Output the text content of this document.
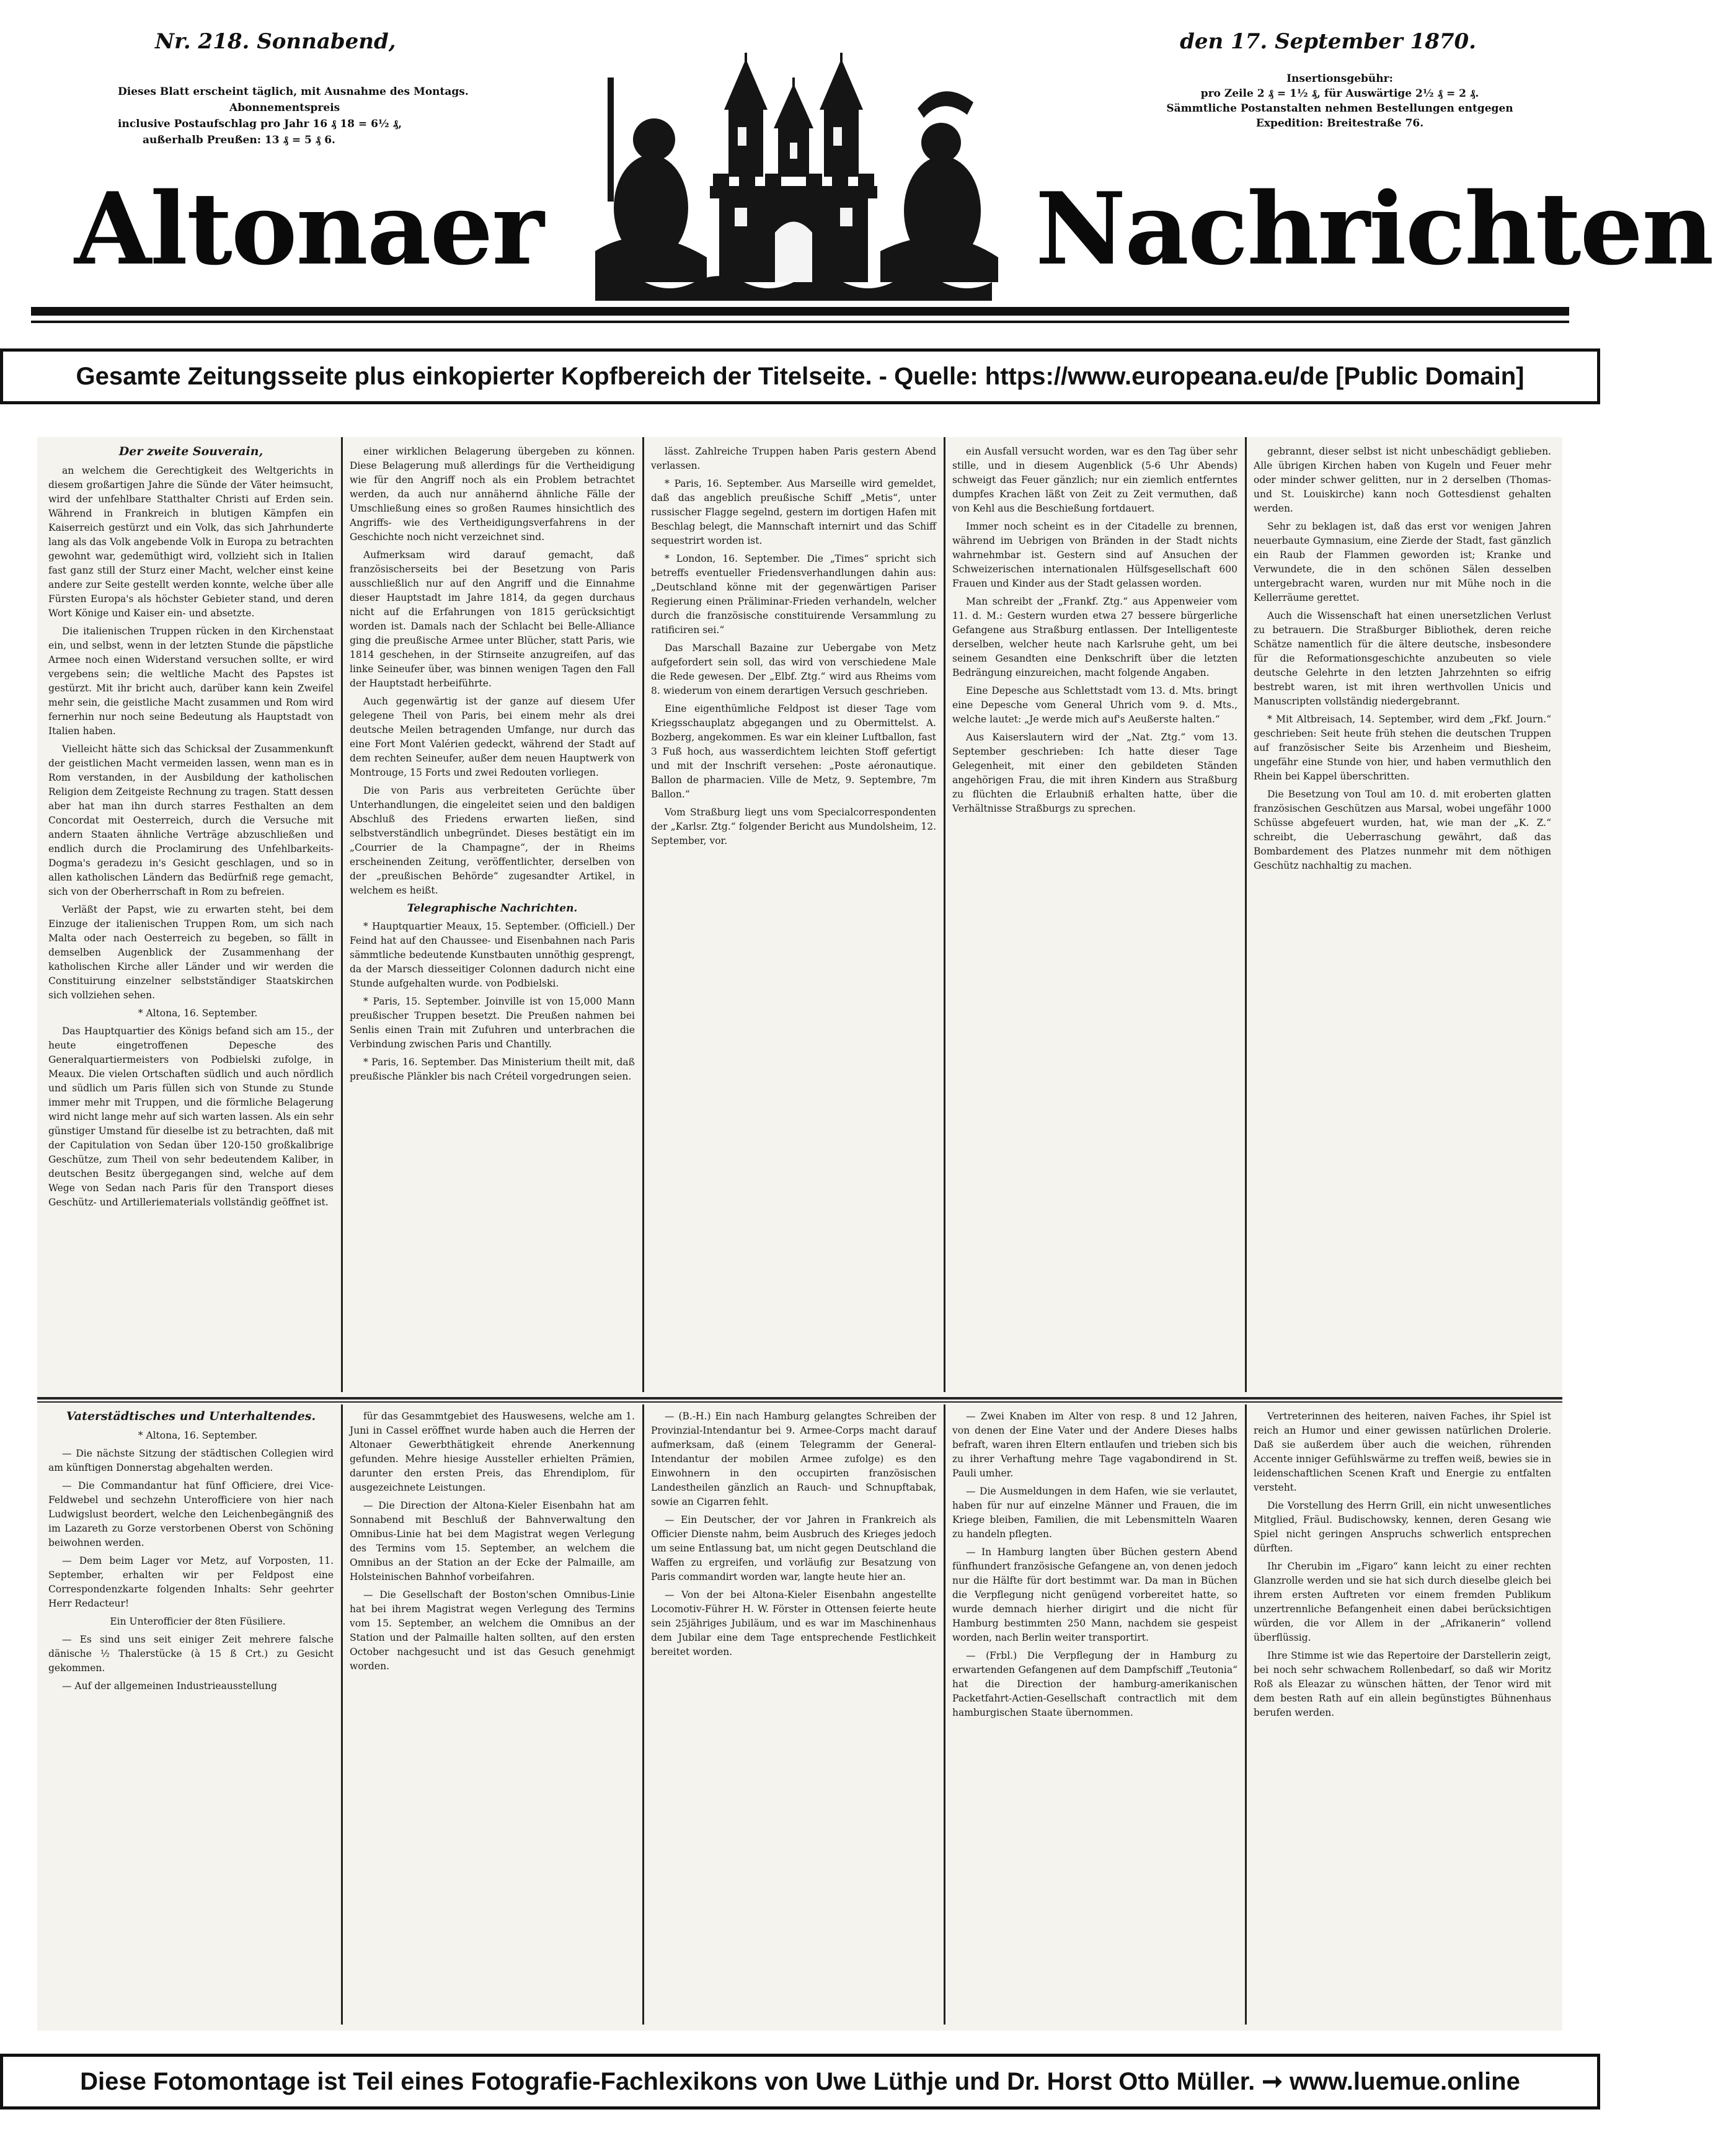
Nr. 218. Sonnabend,	den 17. September 1870.
Dieses Blatt erscheint täglich, mit Ausnahme des Montags.
Abonnementspreis
inclusive Postaufschlag pro Jahr 16 ₰ 18 = 6½ ₰,
außerhalb Preußen: 13 ₰ = 5 ₰ 6.
Insertionsgebühr:
pro Zeile 2 ₰ = 1½ ₰, für Auswärtige 2½ ₰ = 2 ₰.
Sämmtliche Postanstalten nehmen Bestellungen entgegen
Expedition: Breitestraße 76.
Altonaer	Nachrichten
Gesamte Zeitungsseite plus einkopierter Kopfbereich der Titelseite. - Quelle: https://www.europeana.eu/de [Public Domain]
Der zweite Souverain,

an welchem die Gerechtigkeit des Weltgerichts in diesem großartigen Jahre die Sünde der Väter heimsucht, wird der unfehlbare Statthalter Christi auf Erden sein. Während in Frankreich in blutigen Kämpfen ein Kaiserreich gestürzt und ein Volk, das sich Jahrhunderte lang als das Volk angebende Volk in Europa zu betrachten gewohnt war, gedemüthigt wird, vollzieht sich in Italien fast ganz still der Sturz einer Macht, welcher einst keine andere zur Seite gestellt werden konnte, welche über alle Fürsten Europa's als höchster Gebieter stand, und deren Wort Könige und Kaiser ein- und absetzte.

Die italienischen Truppen rücken in den Kirchenstaat ein, und selbst, wenn in der letzten Stunde die päpstliche Armee noch einen Widerstand versuchen sollte, er wird vergebens sein; die weltliche Macht des Papstes ist gestürzt. Mit ihr bricht auch, darüber kann kein Zweifel mehr sein, die geistliche Macht zusammen und Rom wird fernerhin nur noch seine Bedeutung als Hauptstadt von Italien haben.

Vielleicht hätte sich das Schicksal der Zusammenkunft der geistlichen Macht vermeiden lassen, wenn man es in Rom verstanden, in der Ausbildung der katholischen Religion dem Zeitgeiste Rechnung zu tragen. Statt dessen aber hat man ihn durch starres Festhalten an dem Concordat mit Oesterreich, durch die Versuche mit andern Staaten ähnliche Verträge abzuschließen und endlich durch die Proclamirung des Unfehlbarkeits-Dogma's geradezu in's Gesicht geschlagen, und so in allen katholischen Ländern das Bedürfniß rege gemacht, sich von der Oberherrschaft in Rom zu befreien.

Verläßt der Papst, wie zu erwarten steht, bei dem Einzuge der italienischen Truppen Rom, um sich nach Malta oder nach Oesterreich zu begeben, so fällt in demselben Augenblick der Zusammenhang der katholischen Kirche aller Länder und wir werden die Constituirung einzelner selbstständiger Staatskirchen sich vollziehen sehen.

* Altona, 16. September.

Das Hauptquartier des Königs befand sich am 15., der heute eingetroffenen Depesche des Generalquartiermeisters von Podbielski zufolge, in Meaux. Die vielen Ortschaften südlich und auch nördlich und südlich um Paris füllen sich von Stunde zu Stunde immer mehr mit Truppen, und die förmliche Belagerung wird nicht lange mehr auf sich warten lassen. Als ein sehr günstiger Umstand für dieselbe ist zu betrachten, daß mit der Capitulation von Sedan über 120-150 großkalibrige Geschütze, zum Theil von sehr bedeutendem Kaliber, in deutschen Besitz übergegangen sind, welche auf dem Wege von Sedan nach Paris für den Transport dieses Geschütz- und Artilleriematerials vollständig geöffnet ist.

einer wirklichen Belagerung übergeben zu können. Diese Belagerung muß allerdings für die Vertheidigung wie für den Angriff noch als ein Problem betrachtet werden, da auch nur annähernd ähnliche Fälle der Umschließung eines so großen Raumes hinsichtlich des Angriffs- wie des Vertheidigungsverfahrens in der Geschichte noch nicht verzeichnet sind.

Aufmerksam wird darauf gemacht, daß französischerseits bei der Besetzung von Paris ausschließlich nur auf den Angriff und die Einnahme dieser Hauptstadt im Jahre 1814, da gegen durchaus nicht auf die Erfahrungen von 1815 gerücksichtigt worden ist. Damals nach der Schlacht bei Belle-Alliance ging die preußische Armee unter Blücher, statt Paris, wie 1814 geschehen, in der Stirnseite anzugreifen, auf das linke Seineufer über, was binnen wenigen Tagen den Fall der Hauptstadt herbeiführte.

Auch gegenwärtig ist der ganze auf diesem Ufer gelegene Theil von Paris, bei einem mehr als drei deutsche Meilen betragenden Umfange, nur durch das eine Fort Mont Valérien gedeckt, während der Stadt auf dem rechten Seineufer, außer dem neuen Hauptwerk von Montrouge, 15 Forts und zwei Redouten vorliegen.

Die von Paris aus verbreiteten Gerüchte über Unterhandlungen, die eingeleitet seien und den baldigen Abschluß des Friedens erwarten ließen, sind selbstverständlich unbegründet. Dieses bestätigt ein im „Courrier de la Champagne“, der in Rheims erscheinenden Zeitung, veröffentlichter, derselben von der „preußischen Behörde“ zugesandter Artikel, in welchem es heißt.

Telegraphische Nachrichten.

* Hauptquartier Meaux, 15. September. (Officiell.) Der Feind hat auf den Chaussee- und Eisenbahnen nach Paris sämmtliche bedeutende Kunstbauten unnöthig gesprengt, da der Marsch diesseitiger Colonnen dadurch nicht eine Stunde aufgehalten wurde. von Podbielski.

* Paris, 15. September. Joinville ist von 15,000 Mann preußischer Truppen besetzt. Die Preußen nahmen bei Senlis einen Train mit Zufuhren und unterbrachen die Verbindung zwischen Paris und Chantilly.

* Paris, 16. September. Das Ministerium theilt mit, daß preußische Plänkler bis nach Créteil vorgedrungen seien.

lässt. Zahlreiche Truppen haben Paris gestern Abend verlassen.

* Paris, 16. September. Aus Marseille wird gemeldet, daß das angeblich preußische Schiff „Metis“, unter russischer Flagge segelnd, gestern im dortigen Hafen mit Beschlag belegt, die Mannschaft internirt und das Schiff sequestrirt worden ist.

* London, 16. September. Die „Times“ spricht sich betreffs eventueller Friedensverhandlungen dahin aus: „Deutschland könne mit der gegenwärtigen Pariser Regierung einen Präliminar-Frieden verhandeln, welcher durch die französische constituirende Versammlung zu ratificiren sei.“

Das Marschall Bazaine zur Uebergabe von Metz aufgefordert sein soll, das wird von verschiedene Male die Rede gewesen. Der „Elbf. Ztg.“ wird aus Rheims vom 8. wiederum von einem derartigen Versuch geschrieben.

Eine eigenthümliche Feldpost ist dieser Tage vom Kriegsschauplatz abgegangen und zu Obermittelst. A. Bozberg, angekommen. Es war ein kleiner Luftballon, fast 3 Fuß hoch, aus wasserdichtem leichten Stoff gefertigt und mit der Inschrift versehen: „Poste aéronautique. Ballon de pharmacien. Ville de Metz, 9. Septembre, 7m Ballon.“

Vom Straßburg liegt uns vom Specialcorrespondenten der „Karlsr. Ztg.“ folgender Bericht aus Mundolsheim, 12. September, vor.

ein Ausfall versucht worden, war es den Tag über sehr stille, und in diesem Augenblick (5-6 Uhr Abends) schweigt das Feuer gänzlich; nur ein ziemlich entferntes dumpfes Krachen läßt von Zeit zu Zeit vermuthen, daß von Kehl aus die Beschießung fortdauert.

Immer noch scheint es in der Citadelle zu brennen, während im Uebrigen von Bränden in der Stadt nichts wahrnehmbar ist. Gestern sind auf Ansuchen der Schweizerischen internationalen Hülfsgesellschaft 600 Frauen und Kinder aus der Stadt gelassen worden.

Man schreibt der „Frankf. Ztg.“ aus Appenweier vom 11. d. M.: Gestern wurden etwa 27 bessere bürgerliche Gefangene aus Straßburg entlassen. Der Intelligenteste derselben, welcher heute nach Karlsruhe geht, um bei seinem Gesandten eine Denkschrift über die letzten Bedrängung einzureichen, macht folgende Angaben.

Eine Depesche aus Schlettstadt vom 13. d. Mts. bringt eine Depesche vom General Uhrich vom 9. d. Mts., welche lautet: „Je werde mich auf's Aeußerste halten.“

Aus Kaiserslautern wird der „Nat. Ztg.“ vom 13. September geschrieben: Ich hatte dieser Tage Gelegenheit, mit einer den gebildeten Ständen angehörigen Frau, die mit ihren Kindern aus Straßburg zu flüchten die Erlaubniß erhalten hatte, über die Verhältnisse Straßburgs zu sprechen.

gebrannt, dieser selbst ist nicht unbeschädigt geblieben. Alle übrigen Kirchen haben von Kugeln und Feuer mehr oder minder schwer gelitten, nur in 2 derselben (Thomas- und St. Louiskirche) kann noch Gottesdienst gehalten werden.

Sehr zu beklagen ist, daß das erst vor wenigen Jahren neuerbaute Gymnasium, eine Zierde der Stadt, fast gänzlich ein Raub der Flammen geworden ist; Kranke und Verwundete, die in den schönen Sälen desselben untergebracht waren, wurden nur mit Mühe noch in die Kellerräume gerettet.

Auch die Wissenschaft hat einen unersetzlichen Verlust zu betrauern. Die Straßburger Bibliothek, deren reiche Schätze namentlich für die ältere deutsche, insbesondere für die Reformationsgeschichte anzubeuten so viele deutsche Gelehrte in den letzten Jahrzehnten so eifrig bestrebt waren, ist mit ihren werthvollen Unicis und Manuscripten vollständig niedergebrannt.

* Mit Altbreisach, 14. September, wird dem „Fkf. Journ.“ geschrieben: Seit heute früh stehen die deutschen Truppen auf französischer Seite bis Arzenheim und Biesheim, ungefähr eine Stunde von hier, und haben vermuthlich den Rhein bei Kappel überschritten.

Die Besetzung von Toul am 10. d. mit eroberten glatten französischen Geschützen aus Marsal, wobei ungefähr 1000 Schüsse abgefeuert wurden, hat, wie man der „K. Z.“ schreibt, die Ueberraschung gewährt, daß das Bombardement des Platzes nunmehr mit dem nöthigen Geschütz nachhaltig zu machen.

Vaterstädtisches und Unterhaltendes.

* Altona, 16. September.

— Die nächste Sitzung der städtischen Collegien wird am künftigen Donnerstag abgehalten werden.

— Die Commandantur hat fünf Officiere, drei Vice-Feldwebel und sechzehn Unterofficiere von hier nach Ludwigslust beordert, welche den Leichenbegängniß des im Lazareth zu Gorze verstorbenen Oberst von Schöning beiwohnen werden.

— Dem beim Lager vor Metz, auf Vorposten, 11. September, erhalten wir per Feldpost eine Correspondenzkarte folgenden Inhalts: Sehr geehrter Herr Redacteur!

Ein Unterofficier der 8ten Füsiliere.

— Es sind uns seit einiger Zeit mehrere falsche dänische ½ Thalerstücke (à 15 ß Crt.) zu Gesicht gekommen.

— Auf der allgemeinen Industrieausstellung

für das Gesammtgebiet des Hauswesens, welche am 1. Juni in Cassel eröffnet wurde haben auch die Herren der Altonaer Gewerbthätigkeit ehrende Anerkennung gefunden. Mehre hiesige Aussteller erhielten Prämien, darunter den ersten Preis, das Ehrendiplom, für ausgezeichnete Leistungen.

— Die Direction der Altona-Kieler Eisenbahn hat am Sonnabend mit Beschluß der Bahnverwaltung den Omnibus-Linie hat bei dem Magistrat wegen Verlegung des Termins vom 15. September, an welchem die Omnibus an der Station an der Ecke der Palmaille, am Holsteinischen Bahnhof vorbeifahren.

— Die Gesellschaft der Boston'schen Omnibus-Linie hat bei ihrem Magistrat wegen Verlegung des Termins vom 15. September, an welchem die Omnibus an der Station und der Palmaille halten sollten, auf den ersten October nachgesucht und ist das Gesuch genehmigt worden.

— (B.-H.) Ein nach Hamburg gelangtes Schreiben der Provinzial-Intendantur bei 9. Armee-Corps macht darauf aufmerksam, daß (einem Telegramm der General-Intendantur der mobilen Armee zufolge) es den Einwohnern in den occupirten französischen Landestheilen gänzlich an Rauch- und Schnupftabak, sowie an Cigarren fehlt.

— Ein Deutscher, der vor Jahren in Frankreich als Officier Dienste nahm, beim Ausbruch des Krieges jedoch um seine Entlassung bat, um nicht gegen Deutschland die Waffen zu ergreifen, und vorläufig zur Besatzung von Paris commandirt worden war, langte heute hier an.

— Von der bei Altona-Kieler Eisenbahn angestellte Locomotiv-Führer H. W. Förster in Ottensen feierte heute sein 25jähriges Jubiläum, und es war im Maschinenhaus dem Jubilar eine dem Tage entsprechende Festlichkeit bereitet worden.

— Zwei Knaben im Alter von resp. 8 und 12 Jahren, von denen der Eine Vater und der Andere Dieses halbs befraft, waren ihren Eltern entlaufen und trieben sich bis zu ihrer Verhaftung mehre Tage vagabondirend in St. Pauli umher.

— Die Ausmeldungen in dem Hafen, wie sie verlautet, haben für nur auf einzelne Männer und Frauen, die im Kriege bleiben, Familien, die mit Lebensmitteln Waaren zu handeln pflegten.

— In Hamburg langten über Büchen gestern Abend fünfhundert französische Gefangene an, von denen jedoch nur die Hälfte für dort bestimmt war. Da man in Büchen die Verpflegung nicht genügend vorbereitet hatte, so wurde demnach hierher dirigirt und die nicht für Hamburg bestimmten 250 Mann, nachdem sie gespeist worden, nach Berlin weiter transportirt.

— (Frbl.) Die Verpflegung der in Hamburg zu erwartenden Gefangenen auf dem Dampfschiff „Teutonia“ hat die Direction der hamburg-amerikanischen Packetfahrt-Actien-Gesellschaft contractlich mit dem hamburgischen Staate übernommen.

Vertreterinnen des heiteren, naiven Faches, ihr Spiel ist reich an Humor und einer gewissen natürlichen Drolerie. Daß sie außerdem über auch die weichen, rührenden Accente inniger Gefühlswärme zu treffen weiß, bewies sie in leidenschaftlichen Scenen Kraft und Energie zu entfalten versteht.

Die Vorstellung des Herrn Grill, ein nicht unwesentliches Mitglied, Fräul. Budischowsky, kennen, deren Gesang wie Spiel nicht geringen Anspruchs schwerlich entsprechen dürften.

Ihr Cherubin im „Figaro“ kann leicht zu einer rechten Glanzrolle werden und sie hat sich durch dieselbe gleich bei ihrem ersten Auftreten vor einem fremden Publikum unzertrennliche Befangenheit einen dabei berücksichtigen würden, die vor Allem in der „Afrikanerin“ vollend überflüssig.

Ihre Stimme ist wie das Repertoire der Darstellerin zeigt, bei noch sehr schwachem Rollenbedarf, so daß wir Moritz Roß als Eleazar zu wünschen hätten, der Tenor wird mit dem besten Rath auf ein allein begünstigtes Bühnenhaus berufen werden.

Diese Fotomontage ist Teil eines Fotografie-Fachlexikons von Uwe Lüthje und Dr. Horst Otto Müller. ➞ www.luemue.online
